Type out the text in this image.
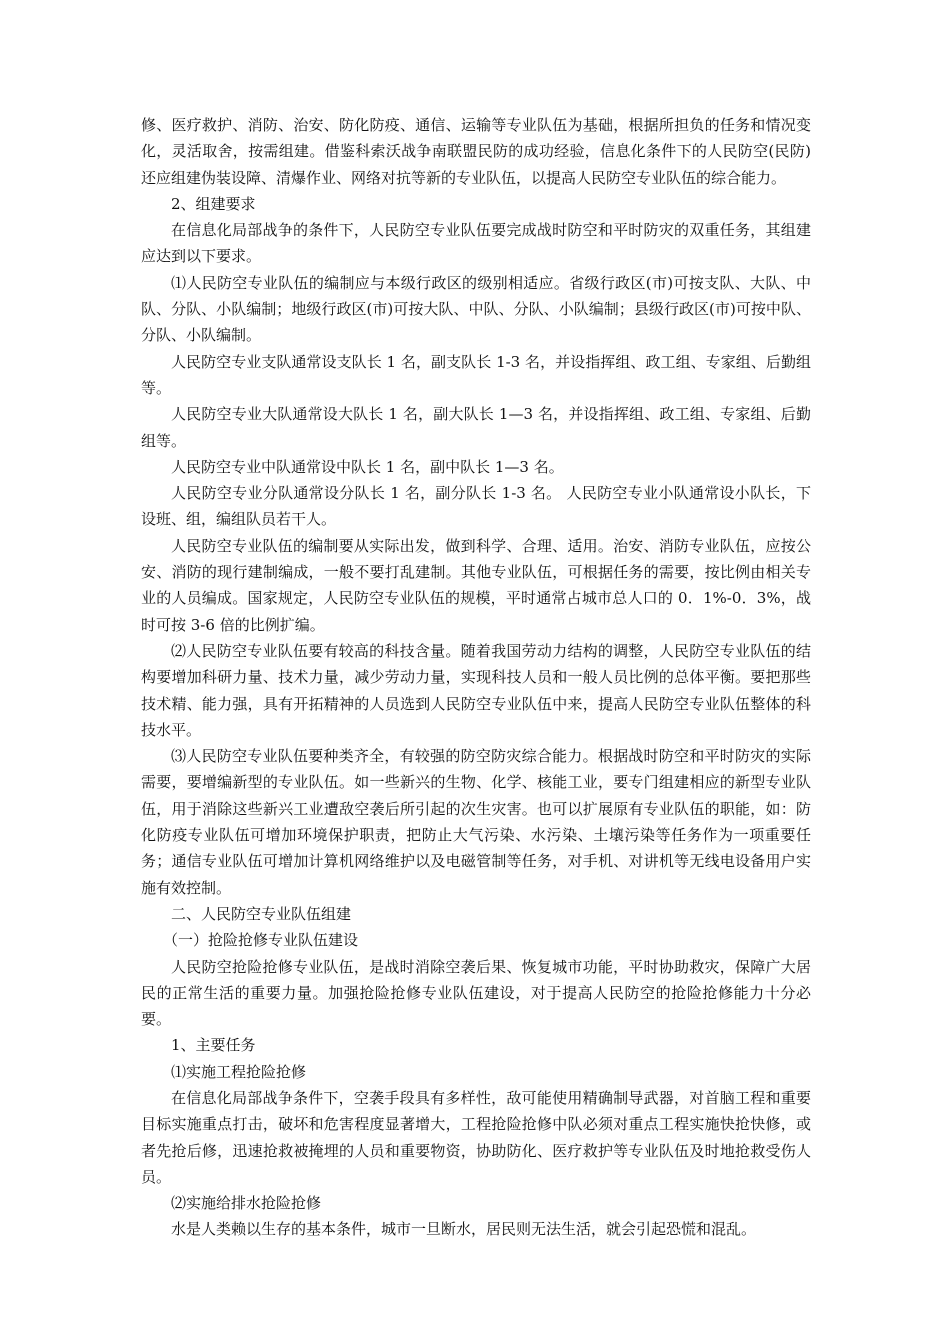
修、医疗救护、消防、治安、防化防疫、通信、运输等专业队伍为基础，根据所担负的任务和情况变化，灵活取舍，按需组建。借鉴科索沃战争南联盟民防的成功经验，信息化条件下的人民防空(民防)还应组建伪装设障、清爆作业、网络对抗等新的专业队伍，以提高人民防空专业队伍的综合能力。

2、组建要求

在信息化局部战争的条件下，人民防空专业队伍要完成战时防空和平时防灾的双重任务，其组建应达到以下要求。

⑴人民防空专业队伍的编制应与本级行政区的级别相适应。省级行政区(市)可按支队、大队、中队、分队、小队编制；地级行政区(市)可按大队、中队、分队、小队编制；县级行政区(市)可按中队、分队、小队编制。

人民防空专业支队通常设支队长 1 名，副支队长 1-3 名，并设指挥组、政工组、专家组、后勤组等。

人民防空专业大队通常设大队长 1 名，副大队长 1—3 名，并设指挥组、政工组、专家组、后勤组等。

人民防空专业中队通常设中队长 1 名，副中队长 1—3 名。

人民防空专业分队通常设分队长 1 名，副分队长 1-3 名。 人民防空专业小队通常设小队长，下设班、组，编组队员若干人。

人民防空专业队伍的编制要从实际出发，做到科学、合理、适用。治安、消防专业队伍，应按公安、消防的现行建制编成，一般不要打乱建制。其他专业队伍，可根据任务的需要，按比例由相关专业的人员编成。国家规定，人民防空专业队伍的规模，平时通常占城市总人口的 0．1%-0．3%，战时可按 3-6 倍的比例扩编。

⑵人民防空专业队伍要有较高的科技含量。随着我国劳动力结构的调整，人民防空专业队伍的结构要增加科研力量、技术力量，减少劳动力量，实现科技人员和一般人员比例的总体平衡。要把那些技术精、能力强，具有开拓精神的人员选到人民防空专业队伍中来，提高人民防空专业队伍整体的科技水平。

⑶人民防空专业队伍要种类齐全，有较强的防空防灾综合能力。根据战时防空和平时防灾的实际需要，要增编新型的专业队伍。如一些新兴的生物、化学、核能工业，要专门组建相应的新型专业队伍，用于消除这些新兴工业遭敌空袭后所引起的次生灾害。也可以扩展原有专业队伍的职能，如：防化防疫专业队伍可增加环境保护职责，把防止大气污染、水污染、土壤污染等任务作为一项重要任务；通信专业队伍可增加计算机网络维护以及电磁管制等任务，对手机、对讲机等无线电设备用户实施有效控制。

二、人民防空专业队伍组建

（一）抢险抢修专业队伍建设

人民防空抢险抢修专业队伍，是战时消除空袭后果、恢复城市功能，平时协助救灾，保障广大居民的正常生活的重要力量。加强抢险抢修专业队伍建设，对于提高人民防空的抢险抢修能力十分必要。

1、主要任务

⑴实施工程抢险抢修

在信息化局部战争条件下，空袭手段具有多样性，敌可能使用精确制导武器，对首脑工程和重要目标实施重点打击，破坏和危害程度显著增大，工程抢险抢修中队必须对重点工程实施快抢快修，或者先抢后修，迅速抢救被掩埋的人员和重要物资，协助防化、医疗救护等专业队伍及时地抢救受伤人员。

⑵实施给排水抢险抢修

水是人类赖以生存的基本条件，城市一旦断水，居民则无法生活，就会引起恐慌和混乱。
